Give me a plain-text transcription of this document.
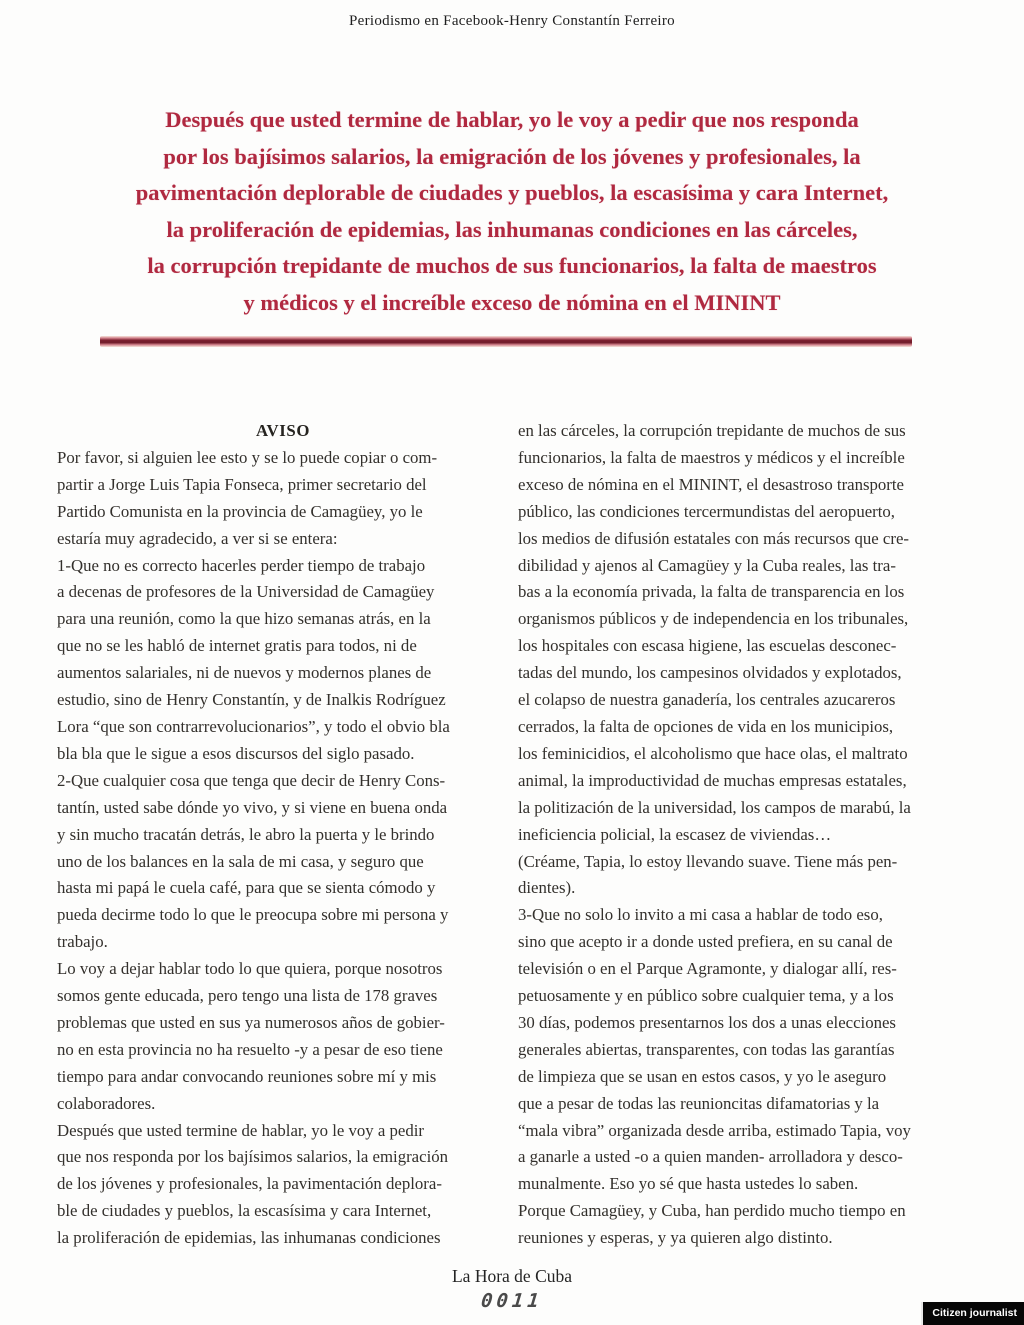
Periodismo en Facebook-Henry Constantín Ferreiro
Después que usted termine de hablar, yo le voy a pedir que nos responda
por los bajísimos salarios, la emigración de los jóvenes y profesionales, la
pavimentación deplorable de ciudades y pueblos, la escasísima y cara Internet,
la proliferación de epidemias, las inhumanas condiciones en las cárceles,
la corrupción trepidante de muchos de sus funcionarios, la falta de maestros
y médicos y el increíble exceso de nómina en el MININT
AVISO
Por favor, si alguien lee esto y se lo puede copiar o com-
partir a Jorge Luis Tapia Fonseca, primer secretario del
Partido Comunista en la provincia de Camagüey, yo le
estaría muy agradecido, a ver si se entera:
1-Que no es correcto hacerles perder tiempo de trabajo
a decenas de profesores de la Universidad de Camagüey
para una reunión, como la que hizo semanas atrás, en la
que no se les habló de internet gratis para todos, ni de
aumentos salariales, ni de nuevos y modernos planes de
estudio, sino de Henry Constantín, y de Inalkis Rodríguez
Lora “que son contrarrevolucionarios”, y todo el obvio bla
bla bla que le sigue a esos discursos del siglo pasado.
2-Que cualquier cosa que tenga que decir de Henry Cons-
tantín, usted sabe dónde yo vivo, y si viene en buena onda
y sin mucho tracatán detrás, le abro la puerta y le brindo
uno de los balances en la sala de mi casa, y seguro que
hasta mi papá le cuela café, para que se sienta cómodo y
pueda decirme todo lo que le preocupa sobre mi persona y
trabajo.
Lo voy a dejar hablar todo lo que quiera, porque nosotros
somos gente educada, pero tengo una lista de 178 graves
problemas que usted en sus ya numerosos años de gobier-
no en esta provincia no ha resuelto -y a pesar de eso tiene
tiempo para andar convocando reuniones sobre mí y mis
colaboradores.
Después que usted termine de hablar, yo le voy a pedir
que nos responda por los bajísimos salarios, la emigración
de los jóvenes y profesionales, la pavimentación deplora-
ble de ciudades y pueblos, la escasísima y cara Internet,
la proliferación de epidemias, las inhumanas condiciones
en las cárceles, la corrupción trepidante de muchos de sus
funcionarios, la falta de maestros y médicos y el increíble
exceso de nómina en el MININT, el desastroso transporte
público, las condiciones tercermundistas del aeropuerto,
los medios de difusión estatales con más recursos que cre-
dibilidad y ajenos al Camagüey y la Cuba reales, las tra-
bas a la economía privada, la falta de transparencia en los
organismos públicos y de independencia en los tribunales,
los hospitales con escasa higiene, las escuelas desconec-
tadas del mundo, los campesinos olvidados y explotados,
el colapso de nuestra ganadería, los centrales azucareros
cerrados, la falta de opciones de vida en los municipios,
los feminicidios, el alcoholismo que hace olas, el maltrato
animal, la improductividad de muchas empresas estatales,
la politización de la universidad, los campos de marabú, la
ineficiencia policial, la escasez de viviendas…
(Créame, Tapia, lo estoy llevando suave. Tiene más pen-
dientes).
3-Que no solo lo invito a mi casa a hablar de todo eso,
sino que acepto ir a donde usted prefiera, en su canal de
televisión o en el Parque Agramonte, y dialogar allí, res-
petuosamente y en público sobre cualquier tema, y a los
30 días, podemos presentarnos los dos a unas elecciones
generales abiertas, transparentes, con todas las garantías
de limpieza que se usan en estos casos, y yo le aseguro
que a pesar de todas las reunioncitas difamatorias y la
“mala vibra” organizada desde arriba, estimado Tapia, voy
a ganarle a usted -o a quien manden- arrolladora y desco-
munalmente. Eso yo sé que hasta ustedes lo saben.
Porque Camagüey, y Cuba, han perdido mucho tiempo en
reuniones y esperas, y ya quieren algo distinto.
La Hora de Cuba
0011
Citizen journalist
